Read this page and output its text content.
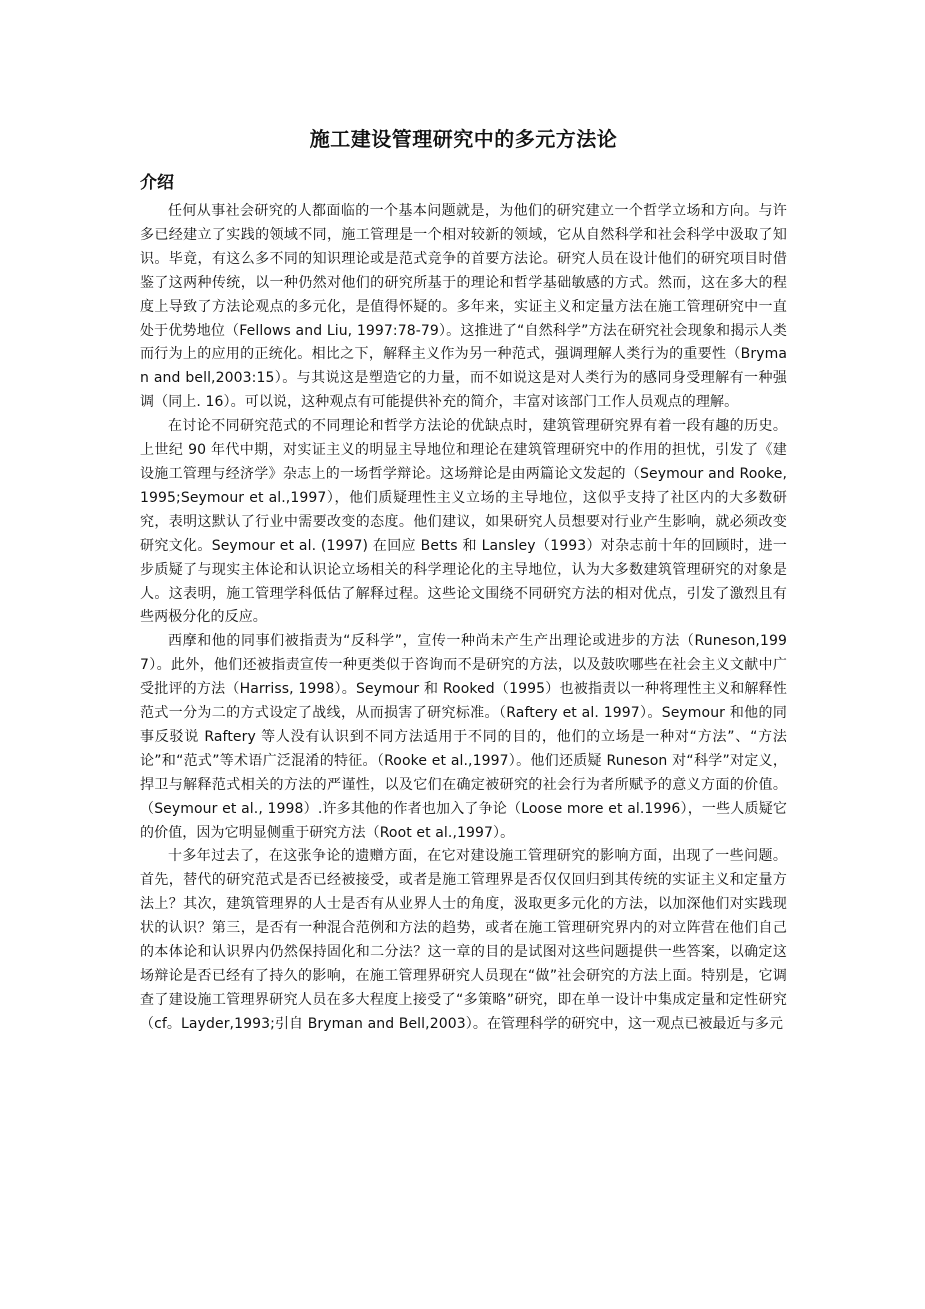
施工建设管理研究中的多元方法论
介绍

任何从事社会研究的人都面临的一个基本问题就是，为他们的研究建立一个哲学立场和方向。与许多已经建立了实践的领域不同，施工管理是一个相对较新的领域，它从自然科学和社会科学中汲取了知识。毕竟，有这么多不同的知识理论或是范式竞争的首要方法论。研究人员在设计他们的研究项目时借鉴了这两种传统，以一种仍然对他们的研究所基于的理论和哲学基础敏感的方式。然而，这在多大的程度上导致了方法论观点的多元化，是值得怀疑的。多年来，实证主义和定量方法在施工管理研究中一直处于优势地位（Fellows and Liu, 1997:78-79）。这推进了“自然科学”方法在研究社会现象和揭示人类而行为上的应用的正统化。相比之下，解释主义作为另一种范式，强调理解人类行为的重要性（Bryman and bell,2003:15）。与其说这是塑造它的力量，而不如说这是对人类行为的感同身受理解有一种强调（同上. 16）。可以说，这种观点有可能提供补充的简介，丰富对该部门工作人员观点的理解。

在讨论不同研究范式的不同理论和哲学方法论的优缺点时，建筑管理研究界有着一段有趣的历史。上世纪 90 年代中期，对实证主义的明显主导地位和理论在建筑管理研究中的作用的担忧，引发了《建设施工管理与经济学》杂志上的一场哲学辩论。这场辩论是由两篇论文发起的（Seymour and Rooke,1995;Seymour et al.,1997），他们质疑理性主义立场的主导地位，这似乎支持了社区内的大多数研究，表明这默认了行业中需要改变的态度。他们建议，如果研究人员想要对行业产生影响，就必须改变研究文化。Seymour et al. (1997) 在回应 Betts 和 Lansley（1993）对杂志前十年的回顾时，进一步质疑了与现实主体论和认识论立场相关的科学理论化的主导地位，认为大多数建筑管理研究的对象是人。这表明，施工管理学科低估了解释过程。这些论文围绕不同研究方法的相对优点，引发了激烈且有些两极分化的反应。

西摩和他的同事们被指责为“反科学”，宣传一种尚未产生产出理论或进步的方法（Runeson,1997）。此外，他们还被指责宣传一种更类似于咨询而不是研究的方法，以及鼓吹哪些在社会主义文献中广受批评的方法（Harriss, 1998）。Seymour 和 Rooked（1995）也被指责以一种将理性主义和解释性范式一分为二的方式设定了战线，从而损害了研究标准。（Raftery et al. 1997）。Seymour 和他的同事反驳说 Raftery 等人没有认识到不同方法适用于不同的目的，他们的立场是一种对“方法”、“方法论”和“范式”等术语广泛混淆的特征。（Rooke et al.,1997）。他们还质疑 Runeson 对“科学”对定义，捍卫与解释范式相关的方法的严谨性，以及它们在确定被研究的社会行为者所赋予的意义方面的价值。（Seymour et al., 1998）.许多其他的作者也加入了争论（Loose more et al.1996），一些人质疑它的价值，因为它明显侧重于研究方法（Root et al.,1997）。

十多年过去了，在这张争论的遗赠方面，在它对建设施工管理研究的影响方面，出现了一些问题。首先，替代的研究范式是否已经被接受，或者是施工管理界是否仅仅回归到其传统的实证主义和定量方法上？其次，建筑管理界的人士是否有从业界人士的角度，汲取更多元化的方法，以加深他们对实践现状的认识？第三，是否有一种混合范例和方法的趋势，或者在施工管理研究界内的对立阵营在他们自己的本体论和认识界内仍然保持固化和二分法？这一章的目的是试图对这些问题提供一些答案，以确定这场辩论是否已经有了持久的影响，在施工管理界研究人员现在“做”社会研究的方法上面。特别是，它调查了建设施工管理界研究人员在多大程度上接受了“多策略”研究，即在单一设计中集成定量和定性研究（cf。Layder,1993;引自 Bryman and Bell,2003）。在管理科学的研究中，这一观点已被最近与多元
